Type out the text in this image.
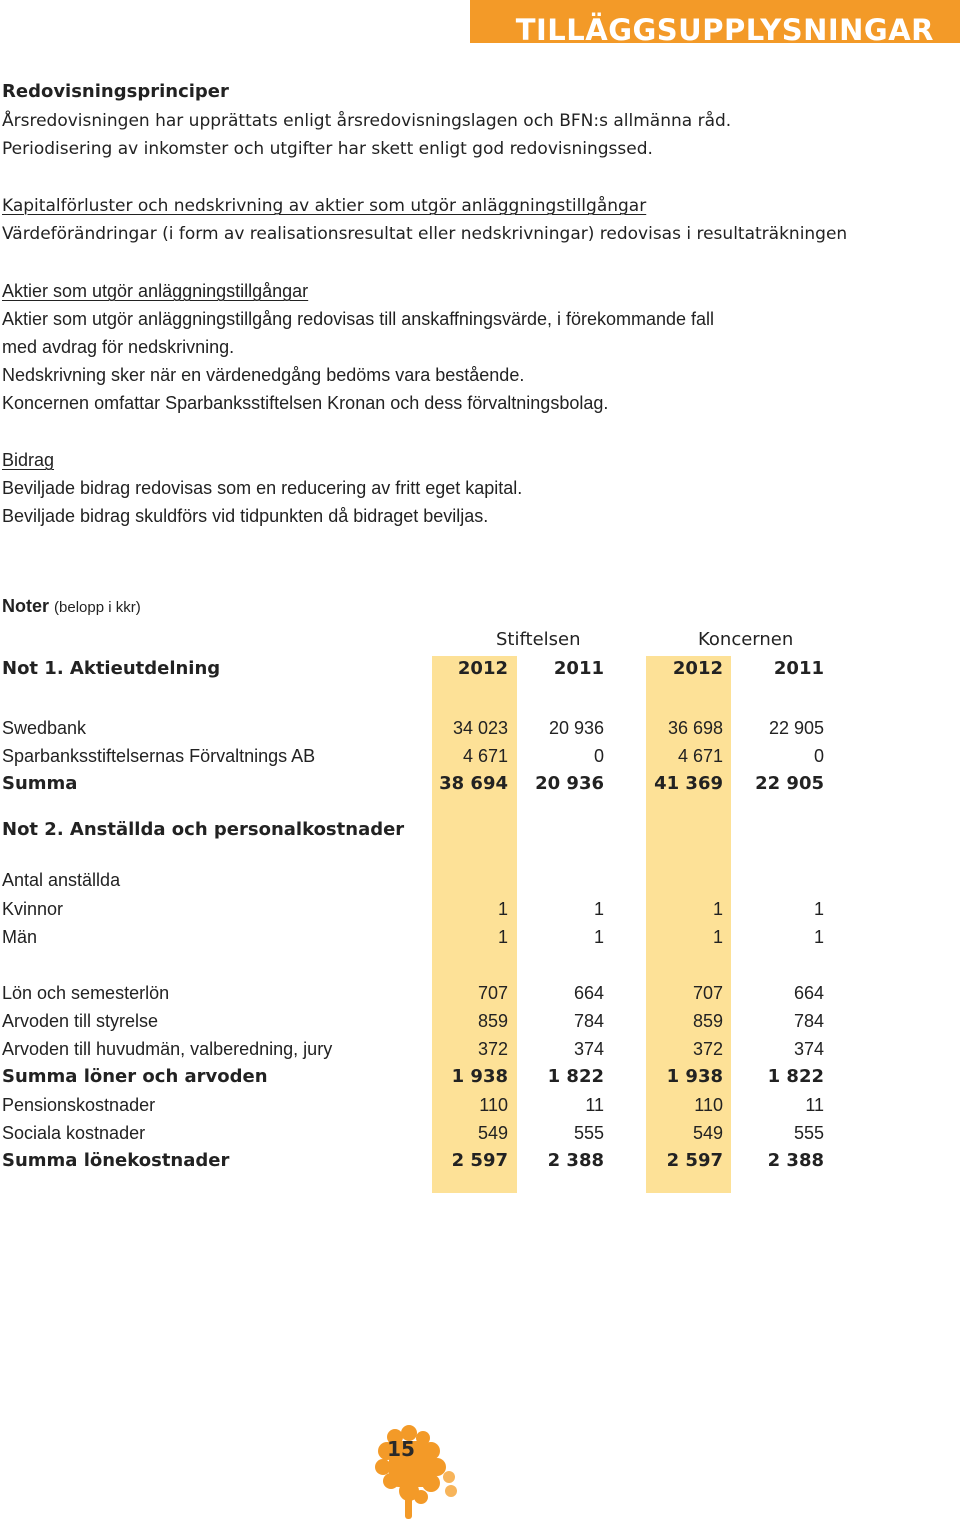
TILLÄGGSUPPLYSNINGAR
Redovisningsprinciper
Årsredovisningen har upprättats enligt årsredovisningslagen och BFN:s allmänna råd.
Periodisering av inkomster och utgifter har skett enligt god redovisningssed.
Kapitalförluster och nedskrivning av aktier som utgör anläggningstillgångar
Värdeförändringar (i form av realisationsresultat eller nedskrivningar) redovisas i resultaträkningen
Aktier som utgör anläggningstillgångar
Aktier som utgör anläggningstillgång redovisas till anskaffningsvärde, i förekommande fall
med avdrag för nedskrivning.
Nedskrivning sker när en värdenedgång bedöms vara bestående.
Koncernen omfattar Sparbanksstiftelsen Kronan och dess förvaltningsbolag.
Bidrag
Beviljade bidrag redovisas som en reducering av fritt eget kapital.
Beviljade bidrag skuldförs vid tidpunkten då bidraget beviljas.
Noter (belopp i kkr)
Stiftelsen	Koncernen
Not 1. Aktieutdelning	2012	2011	2012	2011
Swedbank	34 023	20 936	36 698	22 905
Sparbanksstiftelsernas Förvaltnings AB	4 671	0	4 671	0
Summa	38 694	20 936	41 369	22 905
Not 2. Anställda och personalkostnader
Antal anställda
Kvinnor	1	1	1	1
Män	1	1	1	1
Lön och semesterlön	707	664	707	664
Arvoden till styrelse	859	784	859	784
Arvoden till huvudmän, valberedning, jury	372	374	372	374
Summa löner och arvoden	1 938	1 822	1 938	1 822
Pensionskostnader	110	11	110	11
Sociala kostnader	549	555	549	555
Summa lönekostnader	2 597	2 388	2 597	2 388
15
